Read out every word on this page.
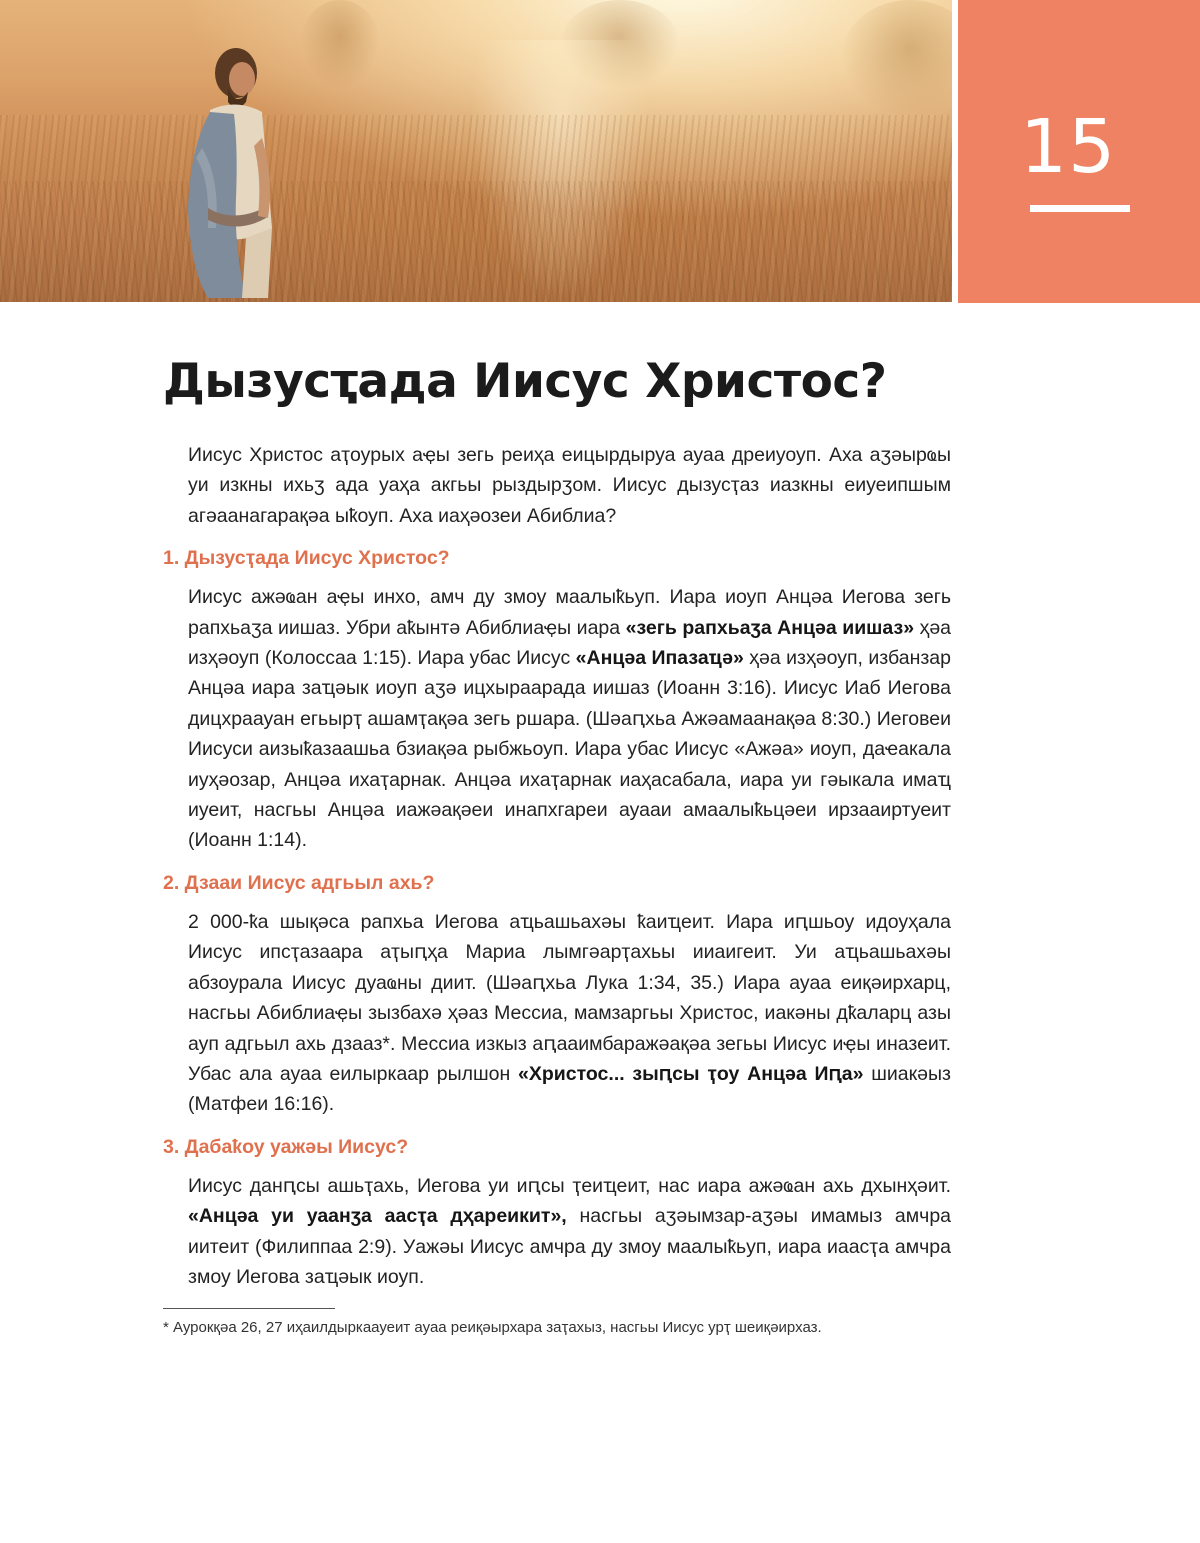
15
Дызусҭада Иисус Христос?

Иисус Христос аҭоурых аҿы зегь реиҳа еицырдыруа ауаа дреиуоуп. Аха аӡәырҩы уи изкны ихьӡ ада уаҳа акгьы рыздырӡом. Иисус дызусҭаз иазкны еиуеипшым агәаанагарақәа ыҟоуп. Аха иаҳәозеи Абиблиа?

1. Дызусҭада Иисус Христос?

Иисус ажәҩан аҿы инхо, амч ду змоу маалыҟьуп. Иара иоуп Анцәа Иегова зегь рапхьаӡа иишаз. Убри аҟынтә Абиблиаҿы иара «зегь рапхьаӡа Анцәа иишаз» ҳәа изҳәоуп (Колоссаа 1:15). Иара убас Иисус «Анцәа Ипазаҵә» ҳәа изҳәоуп, избанзар Анцәа иара заҵәык иоуп аӡә ицхыраарада иишаз (Иоанн 3:16). Иисус Иаб Иегова дицхраауан егьырҭ ашамҭақәа зегь ршара. (Шәаԥхьа Ажәамаанақәа 8:30.) Иеговеи Иисуси аизыҟазаашьа бзиақәа рыбжьоуп. Иара убас Иисус «Ажәа» иоуп, даҽакала иуҳәозар, Анцәа ихаҭарнак. Анцәа ихаҭарнак иаҳасабала, иара уи гәыкала имаҵ иуеит, насгьы Анцәа иажәақәеи инапхгареи ауааи амаалыҟьцәеи ирзааиртуеит (Иоанн 1:14).

2. Дзааи Иисус адгьыл ахь?

2 000-ҟа шықәса рапхьа Иегова аҵьашьахәы ҟаиҵеит. Иара иԥшьоу идоуҳала Иисус ипсҭазаара аҭыԥҳа Мариа лымгәарҭахьы ииаигеит. Уи аҵьашьахәы абзоурала Иисус дуаҩны диит. (Шәаԥхьа Лука 1:34, 35.) Иара ауаа еиқәирхарц, насгьы Абиблиаҿы зызбахә ҳәаз Мессиа, мамзаргьы Христос, иакәны дҟаларц азы ауп адгьыл ахь дзааз*. Мессиа изкыз аԥааимбаражәақәа зегьы Иисус иҿы иназеит. Убас ала ауаа еилыркаар рылшон «Христос... зыԥсы ҭоу Анцәа Иԥа» шиакәыз (Матфеи 16:16).

3. Дабаҟоу уажәы Иисус?

Иисус данԥсы ашьҭахь, Иегова уи иԥсы ҭеиҵеит, нас иара ажәҩан ахь дхынҳәит. «Анцәа уи уаанӡа аасҭа дҳареикит», насгьы аӡәымзар-аӡәы имамыз амчра иитеит (Филиппаа 2:9). Уажәы Иисус амчра ду змоу маалыҟьуп, иара иаасҭа амчра змоу Иегова заҵәык иоуп.

* Аурокқәа 26, 27 иҳаилдыркаауеит ауаа реиқәырхара заҭахыз, насгьы Иисус урҭ шеиқәирхаз.
